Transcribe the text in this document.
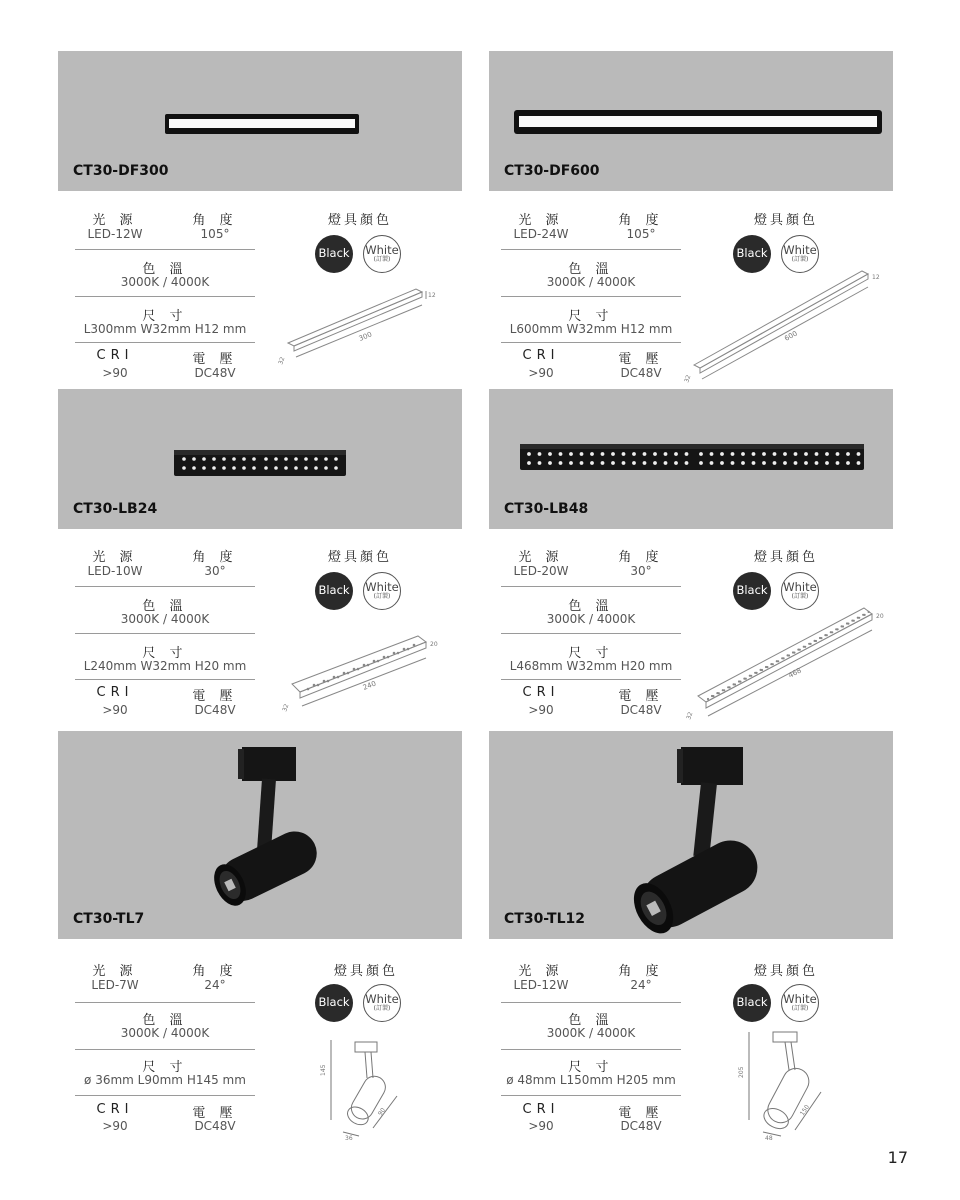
CT30-DF300	CT30-DF600
CT30-LB24	CT30-LB48
CT30-TL7	CT30-TL12
光 源	角 度
LED-12W	105°
色 溫
3000K / 4000K
尺 寸
L300mm W32mm H12 mm
CRI	電 壓
>90	DC48V
燈具顏色
Black White
(訂製)
300
32
12
光 源	角 度
LED-24W	105°
色 溫
3000K / 4000K
尺 寸
L600mm W32mm H12 mm
CRI	電 壓
>90	DC48V
燈具顏色
Black White
(訂製)
600
32
12
光 源	角 度
LED-10W	30°
色 溫
3000K / 4000K
尺 寸
L240mm W32mm H20 mm
CRI	電 壓
>90	DC48V
燈具顏色
Black White
(訂製)
240
32
20
光 源	角 度
LED-20W	30°
色 溫
3000K / 4000K
尺 寸
L468mm W32mm H20 mm
CRI	電 壓
>90	DC48V
燈具顏色
Black White
(訂製)
468
32
20
光 源	角 度
LED-7W	24°
色 溫
3000K / 4000K
尺 寸
ø 36mm L90mm H145 mm
CRI	電 壓
>90	DC48V
燈具顏色
Black White
(訂製)
145
90
36
光 源	角 度
LED-12W	24°
色 溫
3000K / 4000K
尺 寸
ø 48mm L150mm H205 mm
CRI	電 壓
>90	DC48V
燈具顏色
Black White
(訂製)
205
150
48
17
